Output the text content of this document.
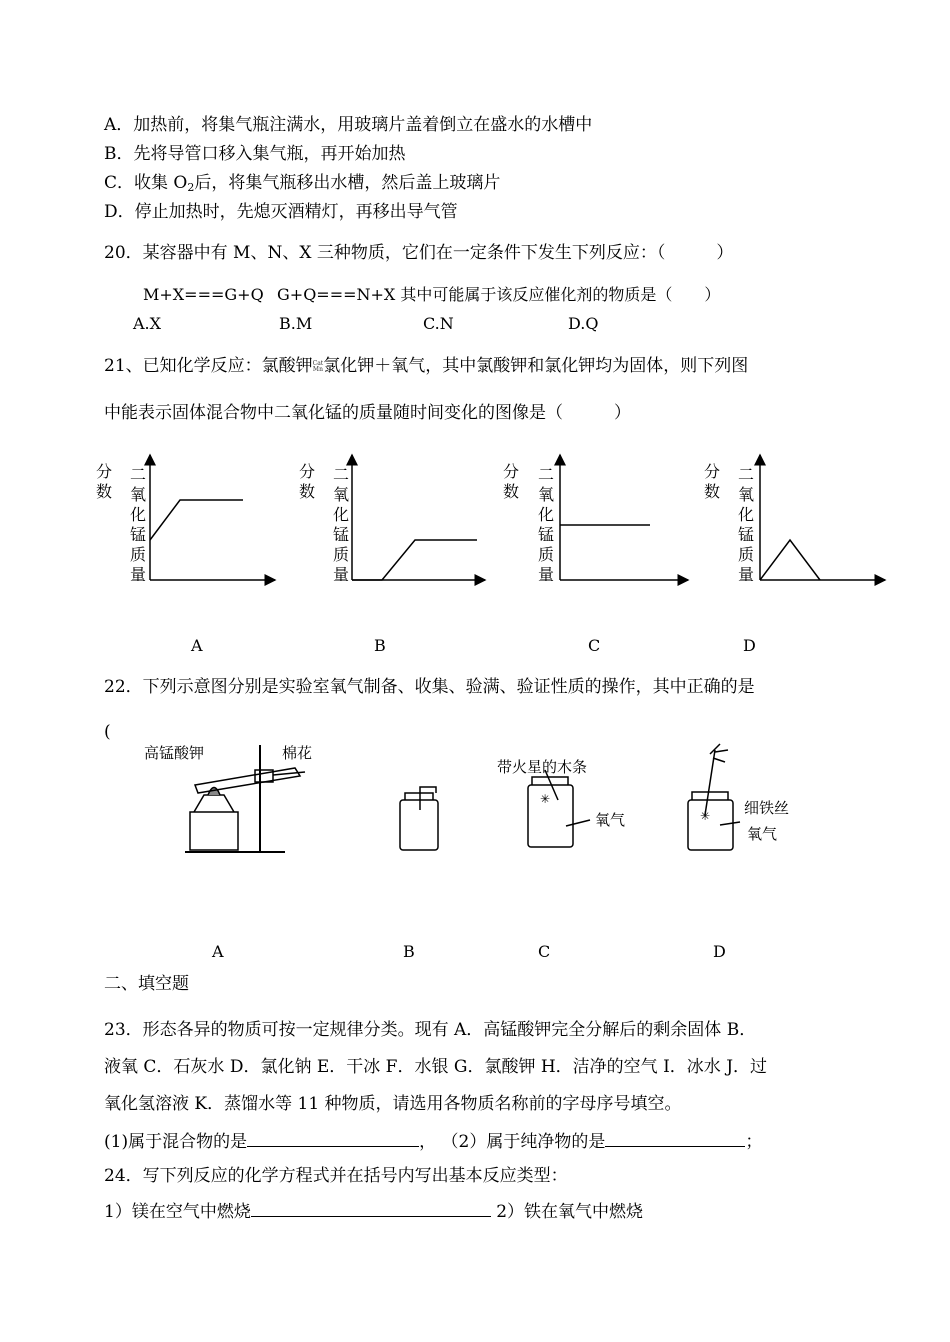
A．加热前，将集气瓶注满水，用玻璃片盖着倒立在盛水的水槽中
B．先将导管口移入集气瓶，再开始加热
C．收集 O2后，将集气瓶移出水槽，然后盖上玻璃片
D．停止加热时，先熄灭酒精灯，再移出导气管
20．某容器中有 M、N、X 三种物质，它们在一定条件下发生下列反应：（　　　）
M+X===G+Q G+Q===N+X 其中可能属于该反应催化剂的物质是（　　）
A.X	B.M	C.N	D.Q
21、已知化学反应：氯酸钾Cat
Mn氯化钾＋氧气，其中氯酸钾和氯化钾均为固体，则下列图
中能表示固体混合物中二氧化锰的质量随时间变化的图像是（　　　）
分数
二氧化锰质量
分数
二氧化锰质量
分数
二氧化锰质量
分数
二氧化锰质量
A	B	C	D
22．下列示意图分别是实验室氧气制备、收集、验满、验证性质的操作，其中正确的是
(
✳
✳
高锰酸钾	棉花
带火星的木条
氧气
细铁丝
氧气
A	B	C	D
二、填空题
23．形态各异的物质可按一定规律分类。现有 A．高锰酸钾完全分解后的剩余固体 B．
液氧 C．石灰水 D．氯化钠 E．干冰 F．水银 G．氯酸钾 H．洁净的空气 I．冰水 J．过
氧化氢溶液 K．蒸馏水等 11 种物质，请选用各物质名称前的字母序号填空。
(1)属于混合物的是	， （2）属于纯净物的是	；
24．写下列反应的化学方程式并在括号内写出基本反应类型：
1）镁在空气中燃烧	2）铁在氧气中燃烧
